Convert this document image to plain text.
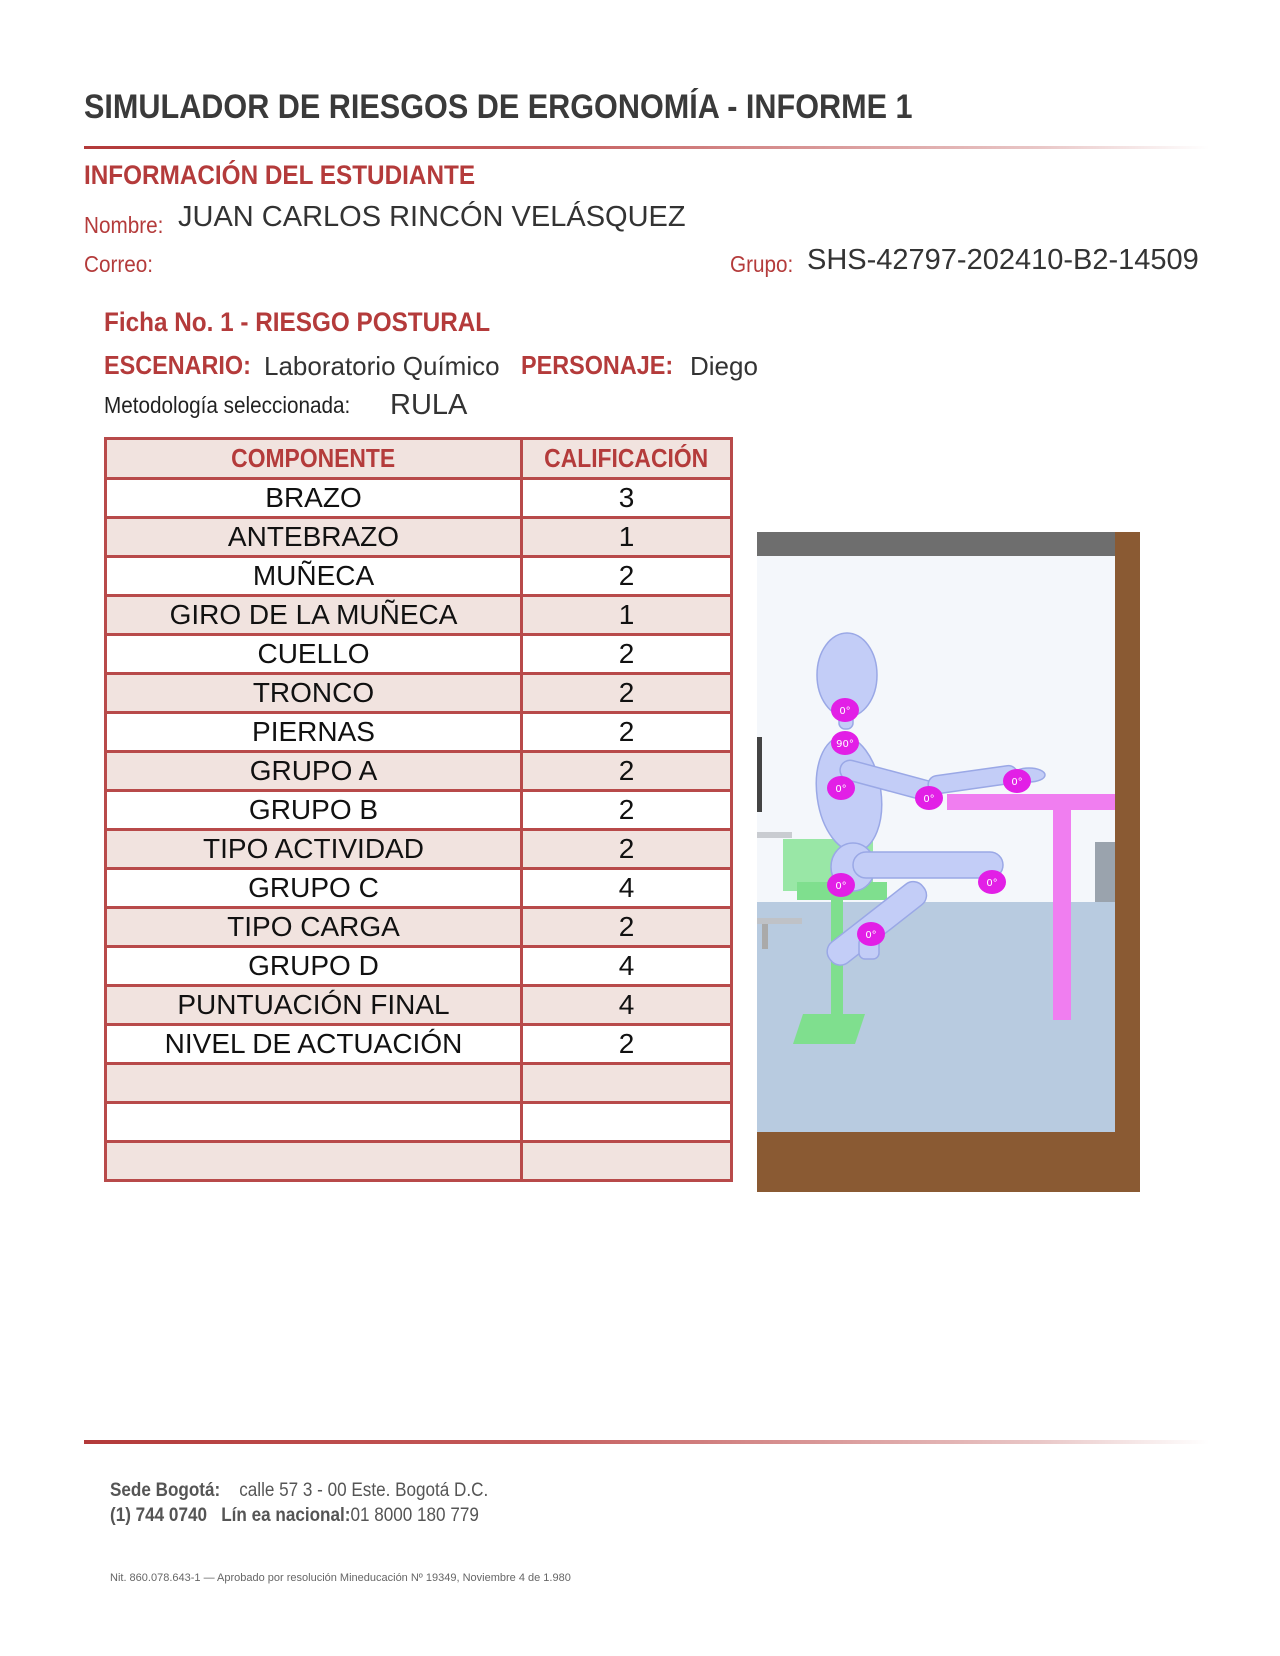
SIMULADOR DE RIESGOS DE ERGONOMÍA - INFORME 1
INFORMACIÓN DEL ESTUDIANTE
Nombre: JUAN CARLOS RINCÓN VELÁSQUEZ
Correo:	Grupo: SHS-42797-202410-B2-14509
Ficha No. 1 - RIESGO POSTURAL
ESCENARIO: Laboratorio Químico PERSONAJE: Diego
Metodología seleccionada: RULA
COMPONENTE	CALIFICACIÓN
BRAZO	3
ANTEBRAZO	1
MUÑECA	2
GIRO DE LA MUÑECA	1
CUELLO	2
TRONCO	2
PIERNAS	2
GRUPO A	2
GRUPO B	2
TIPO ACTIVIDAD	2
GRUPO C	4
TIPO CARGA	2
GRUPO D	4
PUNTUACIÓN FINAL	4
NIVEL DE ACTUACIÓN	2

0°
90°
0°
0°
0°
0°	0°
0°
Sede Bogotá: calle 57 3 - 00 Este. Bogotá D.C.
(1) 744 0740 Lín ea nacional:01 8000 180 779
Nit. 860.078.643-1 — Aprobado por resolución Mineducación Nº 19349, Noviembre 4 de 1.980
